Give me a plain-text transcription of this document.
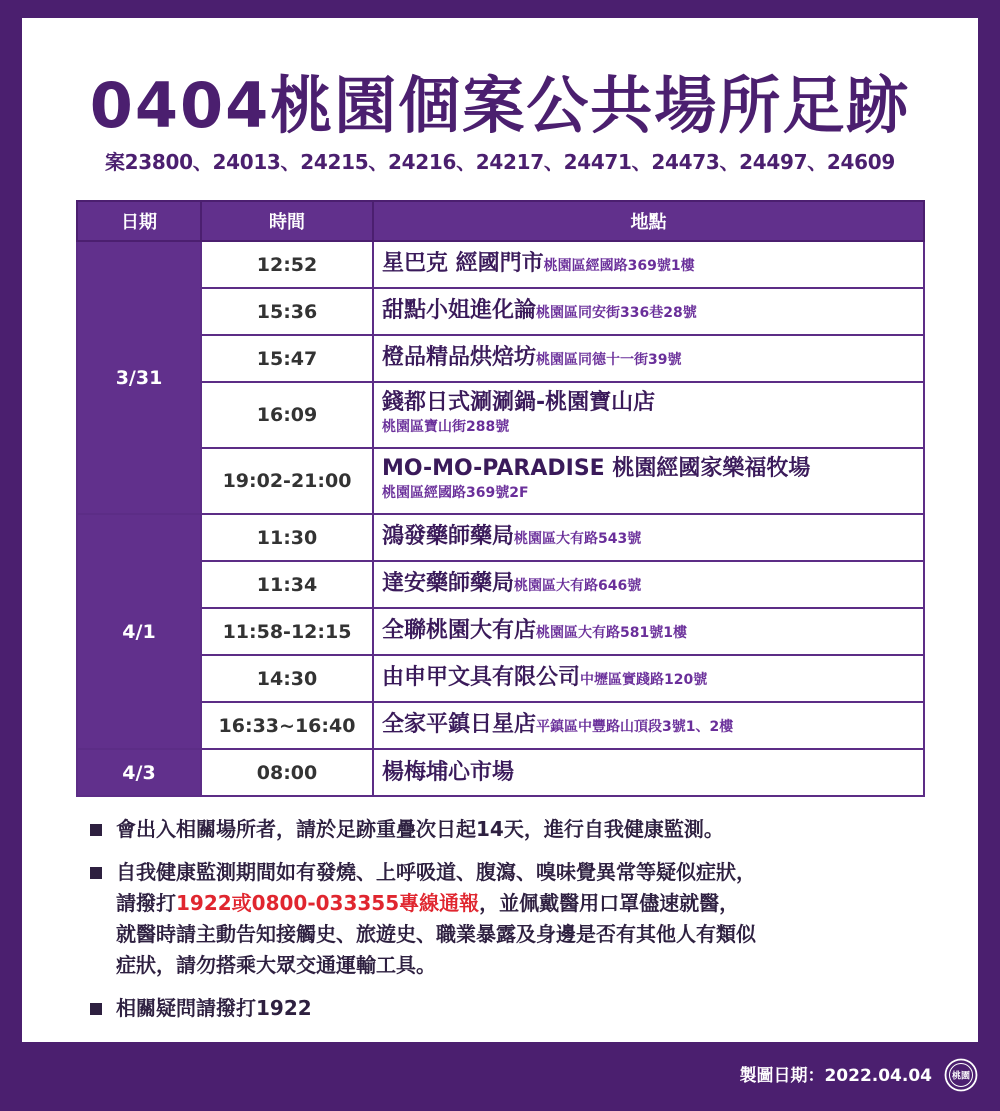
0404桃園個案公共場所足跡
案23800、24013、24215、24216、24217、24471、24473、24497、24609
日期	時間	地點
3/31	12:52	星巴克 經國門市桃園區經國路369號1樓
	15:36	甜點小姐進化論桃園區同安街336巷28號
	15:47	橙品精品烘焙坊桃園區同德十一街39號
	16:09	錢都日式涮涮鍋-桃園寶山店
桃園區寶山街288號
	19:02-21:00	MO-MO-PARADISE 桃園經國家樂福牧場
桃園區經國路369號2F
4/1	11:30	鴻發藥師藥局桃園區大有路543號
	11:34	達安藥師藥局桃園區大有路646號
	11:58-12:15	全聯桃園大有店桃園區大有路581號1樓
	14:30	由申甲文具有限公司中壢區實踐路120號
	16:33~16:40	全家平鎮日星店平鎮區中豐路山頂段3號1、2樓
4/3	08:00	楊梅埔心市場

會出入相關場所者，請於足跡重疊次日起14天，進行自我健康監測。

自我健康監測期間如有發燒、上呼吸道、腹瀉、嗅味覺異常等疑似症狀，

請撥打1922或0800-033355專線通報，並佩戴醫用口罩儘速就醫，

就醫時請主動告知接觸史、旅遊史、職業暴露及身邊是否有其他人有類似

症狀，請勿搭乘大眾交通運輸工具。

相關疑問請撥打1922

製圖日期：2022.04.04 桃園
